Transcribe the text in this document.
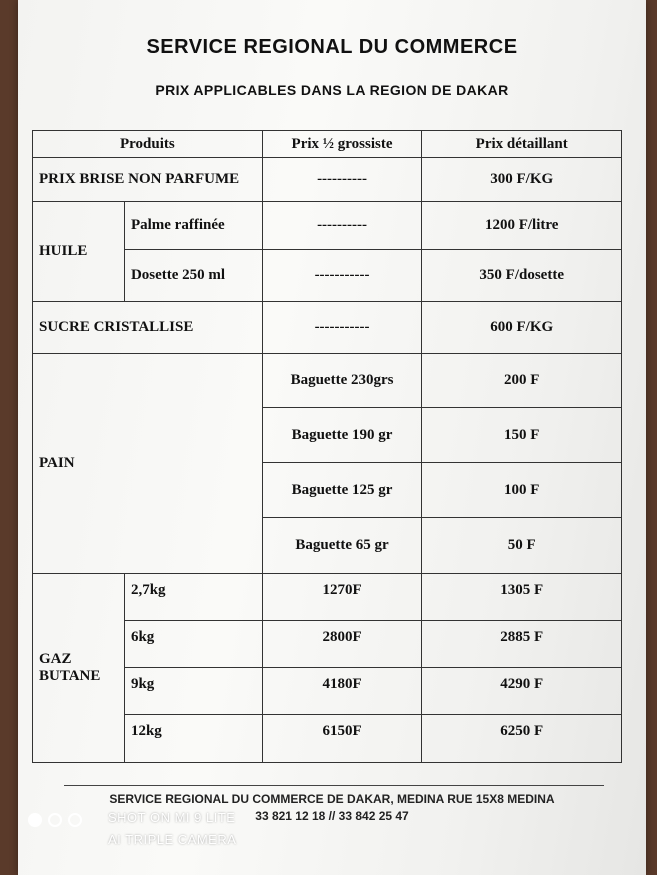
SERVICE REGIONAL DU COMMERCE
PRIX APPLICABLES DANS LA REGION DE DAKAR
Produits		Prix ½ grossiste	Prix détaillant
PRIX BRISE NON PARFUME		----------	300 F/KG
HUILE	Palme raffinée	----------	1200 F/litre
	Dosette 250 ml	-----------	350 F/dosette
SUCRE CRISTALLISE		-----------	600 F/KG
PAIN		Baguette 230grs	200 F
		Baguette 190 gr	150 F
		Baguette 125 gr	100 F
		Baguette 65 gr	50 F

GAZ
BUTANE	2,7kg	1270F	1305 F
	6kg	2800F	2885 F
	9kg	4180F	4290 F
	12kg	6150F	6250 F
SERVICE REGIONAL DU COMMERCE DE DAKAR, MEDINA RUE 15X8 MEDINA
33 821 12 18 // 33 842 25 47
SHOT ON MI 9 LITE
AI TRIPLE CAMERA
